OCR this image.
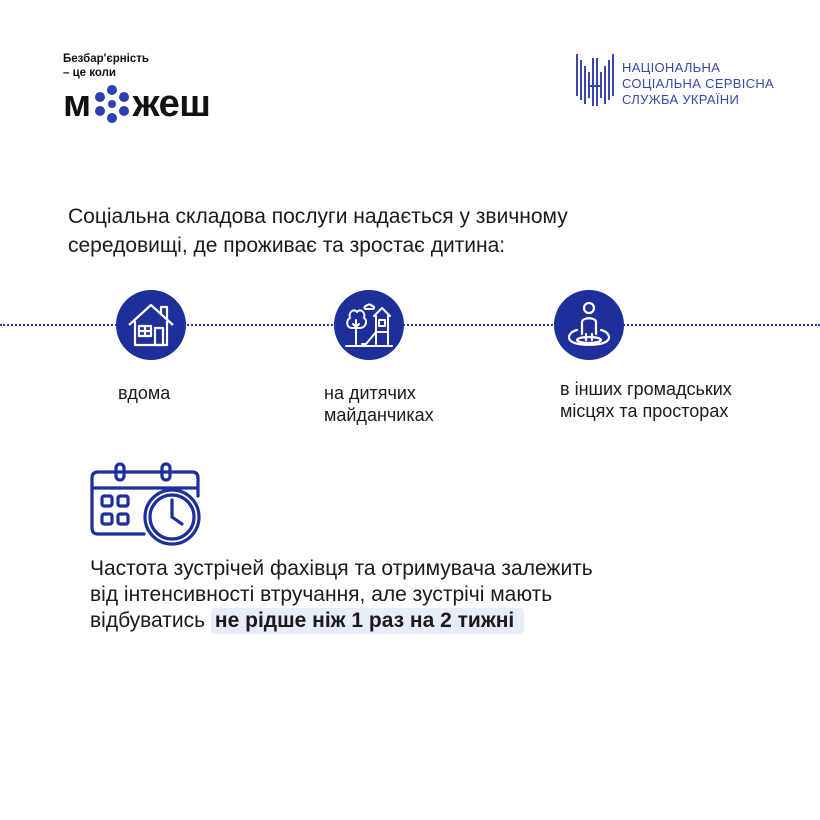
Безбар'єрність
– це коли
м жеш
НАЦІОНАЛЬНА
СОЦІАЛЬНА СЕРВІСНА
СЛУЖБА УКРАЇНИ
Соціальна складова послуги надається у звичному
середовищі, де проживає та зростає дитина:
вдома	на дитячих
майданчиках
в інших громадських
місцях та просторах
Частота зустрічей фахівця та отримувача залежить
від інтенсивності втручання, але зустрічі мають
відбуватись не рідше ніж 1 раз на 2 тижні
